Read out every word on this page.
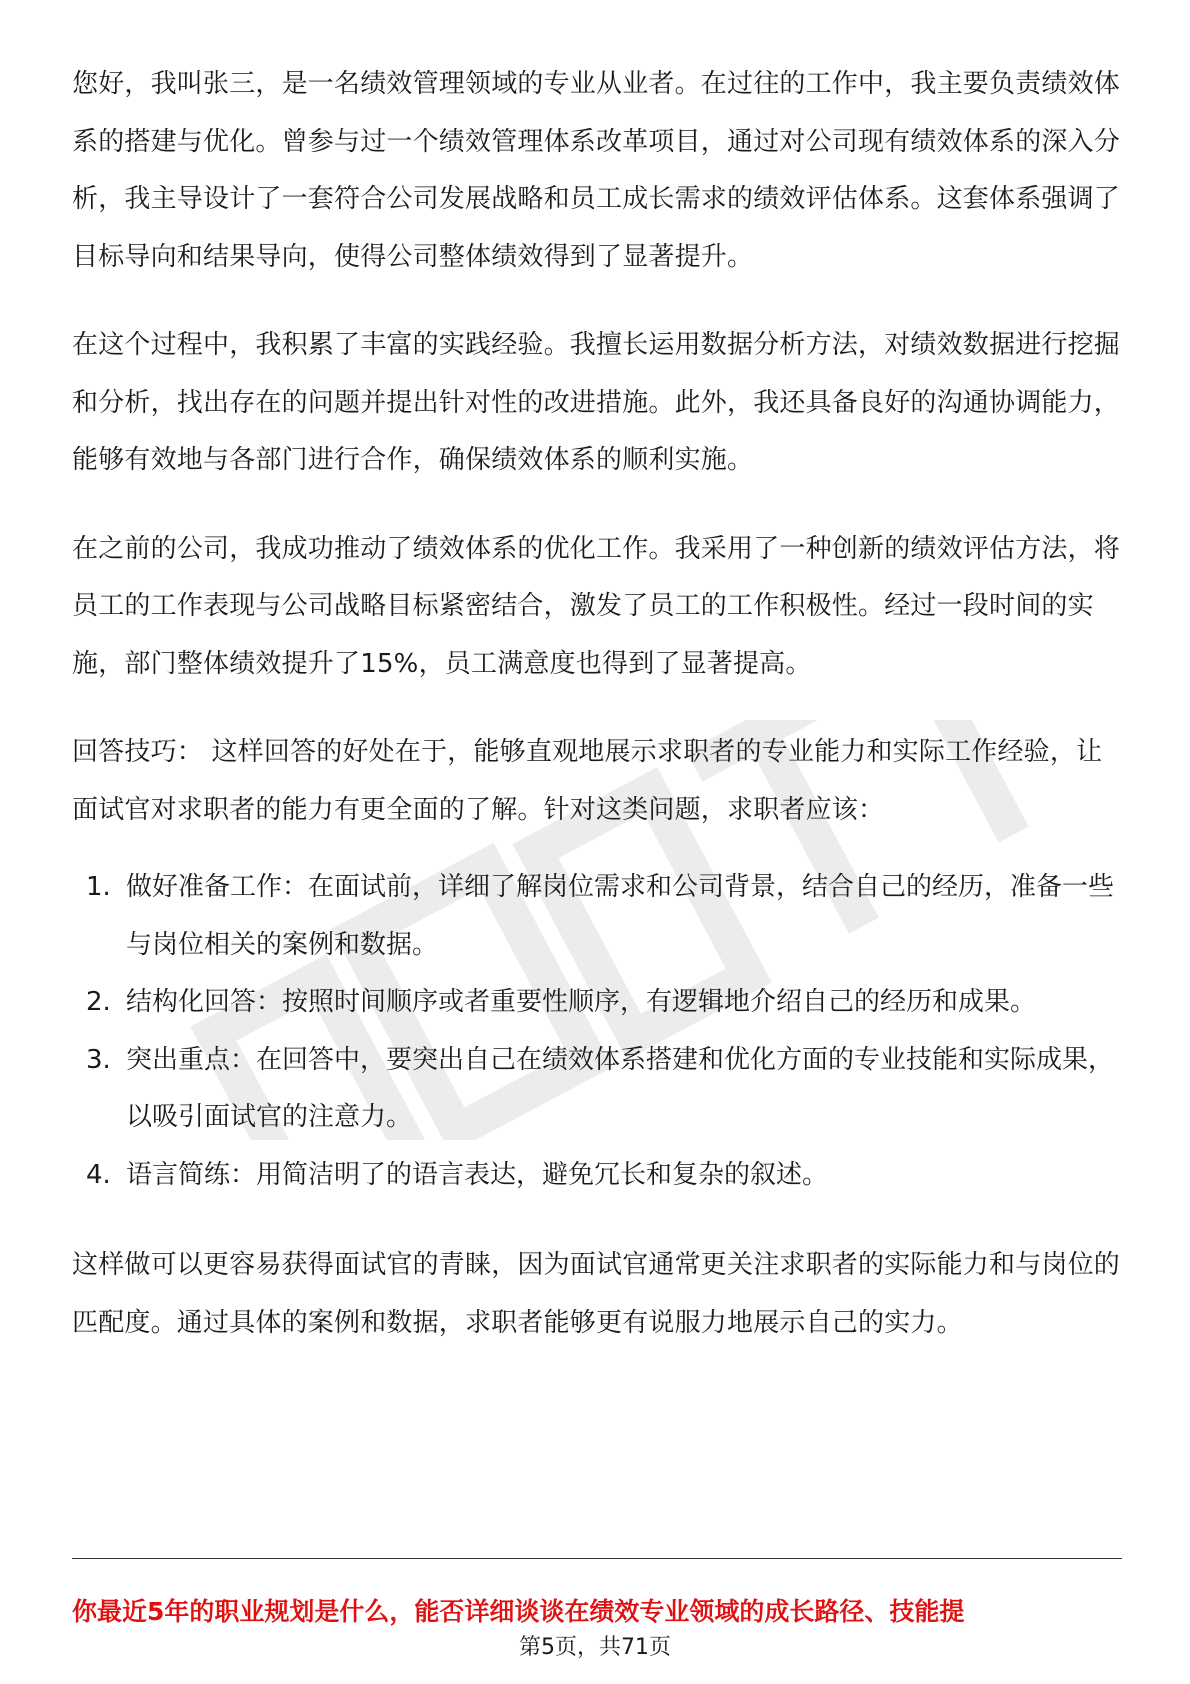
您好，我叫张三，是一名绩效管理领域的专业从业者。在过往的工作中，我主要负责绩效体系的搭建与优化。曾参与过一个绩效管理体系改革项目，通过对公司现有绩效体系的深入分析，我主导设计了一套符合公司发展战略和员工成长需求的绩效评估体系。这套体系强调了目标导向和结果导向，使得公司整体绩效得到了显著提升。

在这个过程中，我积累了丰富的实践经验。我擅长运用数据分析方法，对绩效数据进行挖掘和分析，找出存在的问题并提出针对性的改进措施。此外，我还具备良好的沟通协调能力，能够有效地与各部门进行合作，确保绩效体系的顺利实施。

在之前的公司，我成功推动了绩效体系的优化工作。我采用了一种创新的绩效评估方法，将员工的工作表现与公司战略目标紧密结合，激发了员工的工作积极性。经过一段时间的实施，部门整体绩效提升了15%，员工满意度也得到了显著提高。

回答技巧： 这样回答的好处在于，能够直观地展示求职者的专业能力和实际工作经验，让面试官对求职者的能力有更全面的了解。针对这类问题，求职者应该：

1. 做好准备工作：在面试前，详细了解岗位需求和公司背景，结合自己的经历，准备一些与岗位相关的案例和数据。
2. 结构化回答：按照时间顺序或者重要性顺序，有逻辑地介绍自己的经历和成果。
3. 突出重点：在回答中，要突出自己在绩效体系搭建和优化方面的专业技能和实际成果，以吸引面试官的注意力。
4. 语言简练：用简洁明了的语言表达，避免冗长和复杂的叙述。

这样做可以更容易获得面试官的青睐，因为面试官通常更关注求职者的实际能力和与岗位的匹配度。通过具体的案例和数据，求职者能够更有说服力地展示自己的实力。

你最近5年的职业规划是什么，能否详细谈谈在绩效专业领域的成长路径、技能提
第5页，共71页
